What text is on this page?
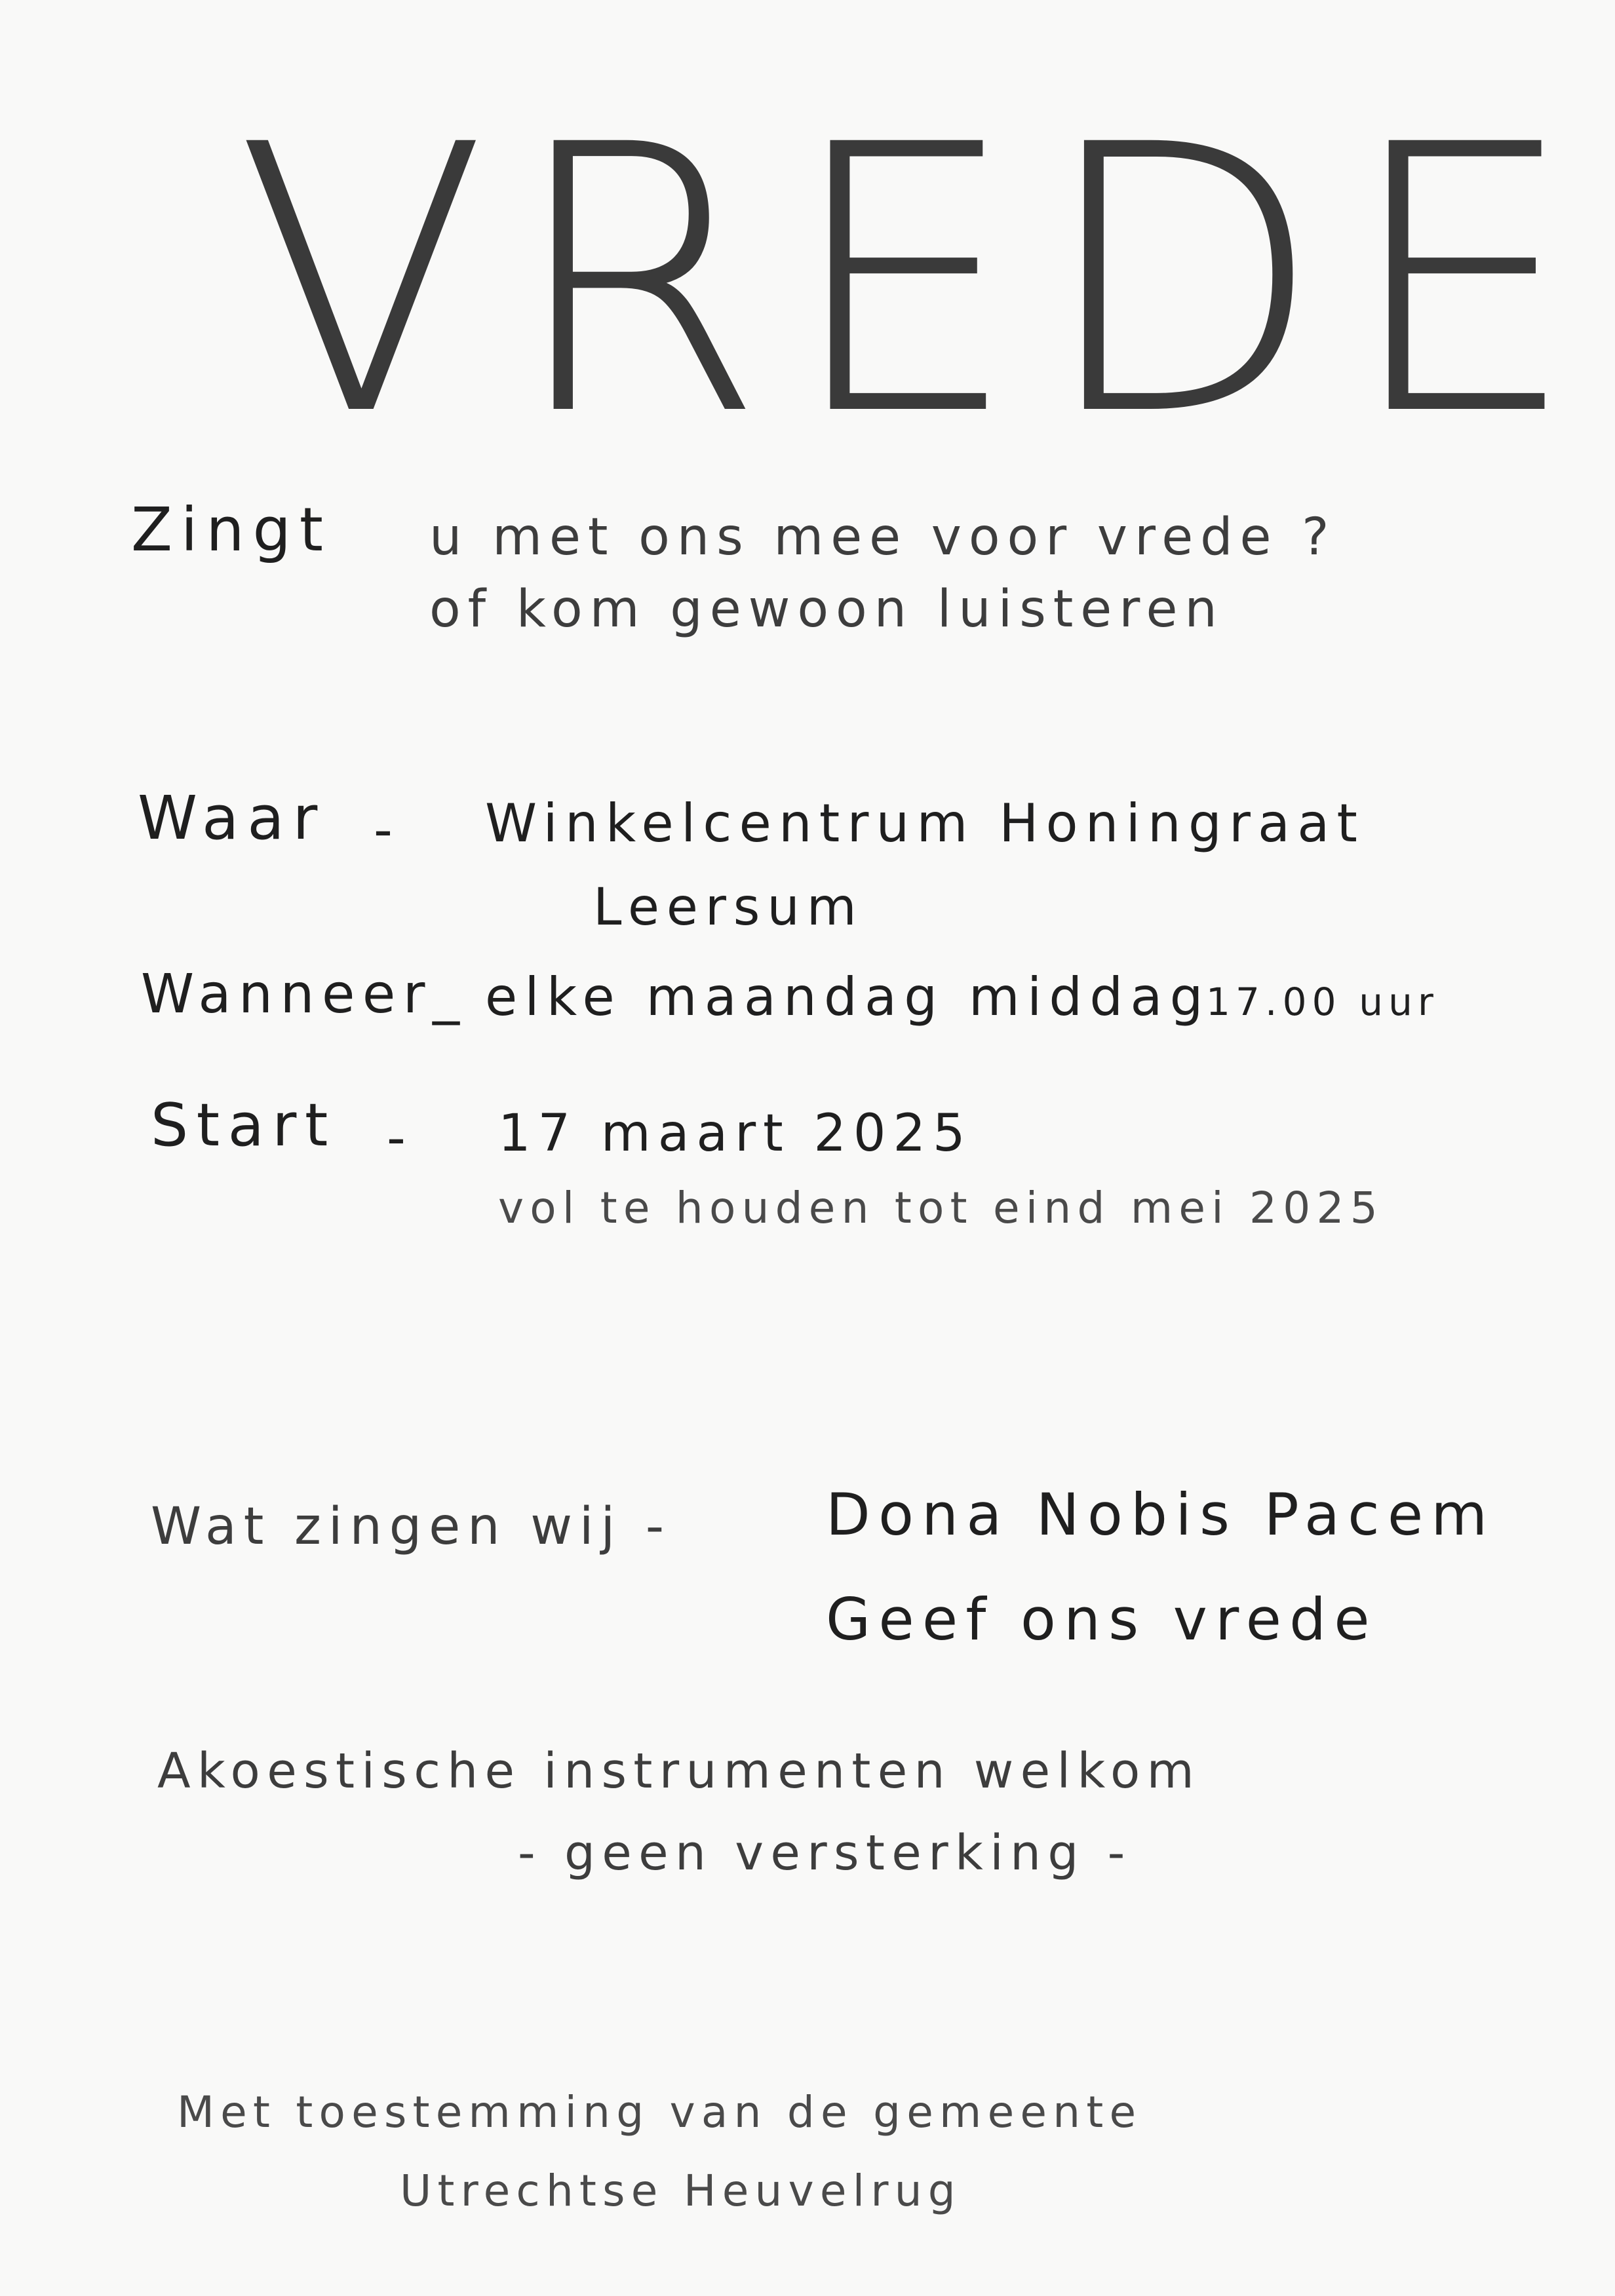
VREDE
Zingt u met ons mee voor vrede ?
of kom gewoon luisteren
Waar - Winkelcentrum Honingraat
Leersum
Wanneer_ elke maandag middag
17.00 uur
Start - 17 maart 2025
vol te houden tot eind mei 2025
Wat zingen wij -	Dona Nobis Pacem
Geef ons vrede
Akoestische instrumenten welkom
- geen versterking -
Met toestemming van de gemeente
Utrechtse Heuvelrug
